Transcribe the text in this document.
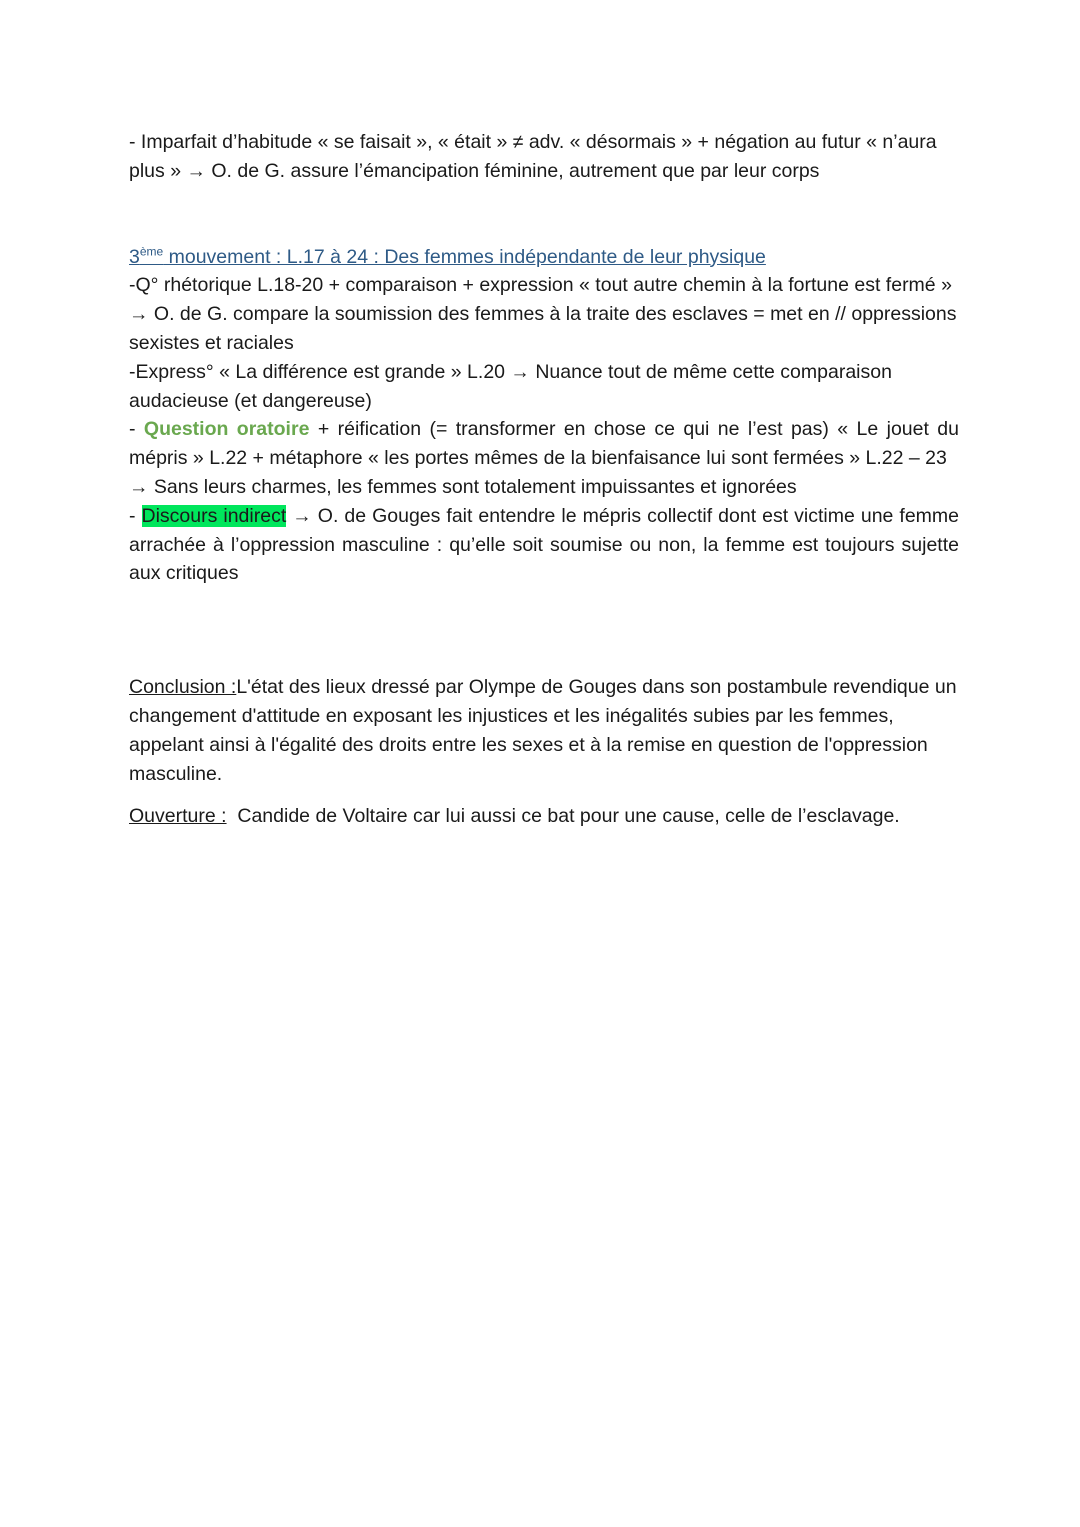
- Imparfait d’habitude « se faisait », « était » ≠ adv. « désormais » + négation au futur « n’aura plus » → O. de G. assure l’émancipation féminine, autrement que par leur corps

3ème mouvement : L.17 à 24 : Des femmes indépendante de leur physique

-Q° rhétorique L.18-20 + comparaison + expression « tout autre chemin à la fortune est fermé » → O. de G. compare la soumission des femmes à la traite des esclaves = met en // oppressions sexistes et raciales

-Express° « La différence est grande » L.20 → Nuance tout de même cette comparaison audacieuse (et dangereuse)

- Question oratoire + réification (= transformer en chose ce qui ne l’est pas) « Le jouet du mépris » L.22 + métaphore « les portes mêmes de la bienfaisance lui sont fermées » L.22 – 23

→ Sans leurs charmes, les femmes sont totalement impuissantes et ignorées

- Discours indirect → O. de Gouges fait entendre le mépris collectif dont est victime une femme arrachée à l’oppression masculine : qu’elle soit soumise ou non, la femme est toujours sujette aux critiques

Conclusion :L'état des lieux dressé par Olympe de Gouges dans son postambule revendique un changement d'attitude en exposant les injustices et les inégalités subies par les femmes, appelant ainsi à l'égalité des droits entre les sexes et à la remise en question de l'oppression masculine.

Ouverture :  Candide de Voltaire car lui aussi ce bat pour une cause, celle de l’esclavage.
